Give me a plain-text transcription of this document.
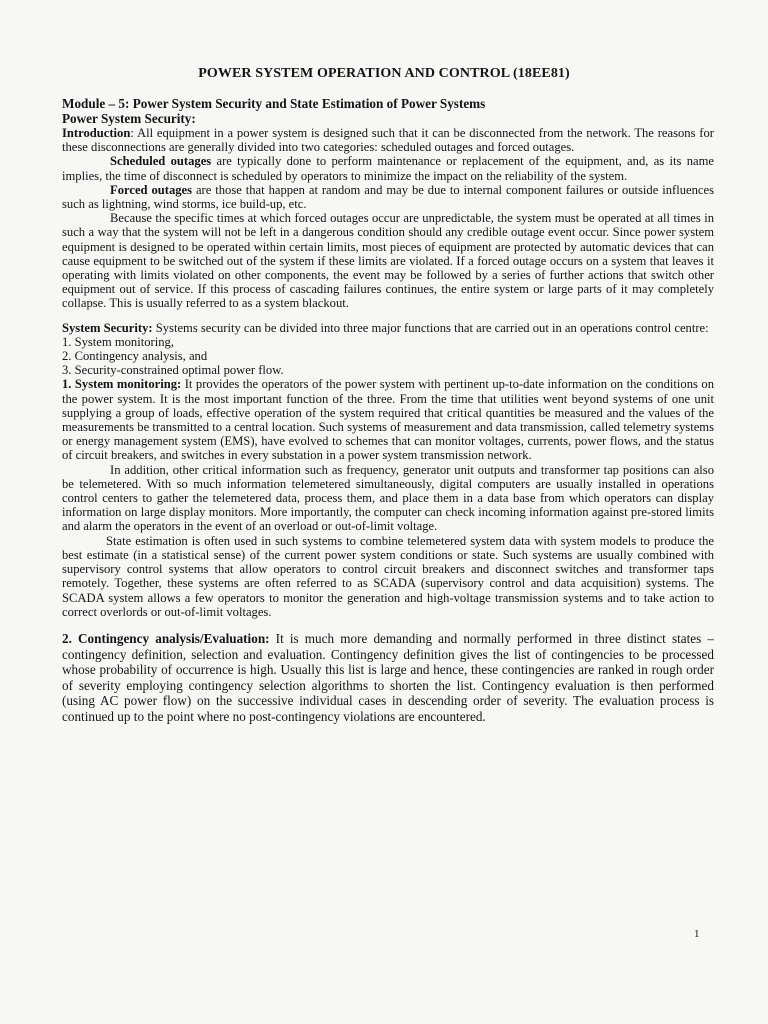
POWER SYSTEM OPERATION AND CONTROL (18EE81)

Module – 5: Power System Security and State Estimation of Power Systems

Power System Security:

Introduction: All equipment in a power system is designed such that it can be disconnected from the network. The reasons for these disconnections are generally divided into two categories: scheduled outages and forced outages.

Scheduled outages are typically done to perform maintenance or replacement of the equipment, and, as its name implies, the time of disconnect is scheduled by operators to minimize the impact on the reliability of the system.

Forced outages are those that happen at random and may be due to internal component failures or outside influences such as lightning, wind storms, ice build-up, etc.

Because the specific times at which forced outages occur are unpredictable, the system must be operated at all times in such a way that the system will not be left in a dangerous condition should any credible outage event occur. Since power system equipment is designed to be operated within certain limits, most pieces of equipment are protected by automatic devices that can cause equipment to be switched out of the system if these limits are violated. If a forced outage occurs on a system that leaves it operating with limits violated on other components, the event may be followed by a series of further actions that switch other equipment out of service. If this process of cascading failures continues, the entire system or large parts of it may completely collapse. This is usually referred to as a system blackout.

System Security: Systems security can be divided into three major functions that are carried out in an operations control centre:

1. System monitoring,
2. Contingency analysis, and
3. Security-constrained optimal power flow.

1. System monitoring: It provides the operators of the power system with pertinent up-to-date information on the conditions on the power system. It is the most important function of the three. From the time that utilities went beyond systems of one unit supplying a group of loads, effective operation of the system required that critical quantities be measured and the values of the measurements be transmitted to a central location. Such systems of measurement and data transmission, called telemetry systems or energy management system (EMS), have evolved to schemes that can monitor voltages, currents, power flows, and the status of circuit breakers, and switches in every substation in a power system transmission network.

In addition, other critical information such as frequency, generator unit outputs and transformer tap positions can also be telemetered. With so much information telemetered simultaneously, digital computers are usually installed in operations control centers to gather the telemetered data, process them, and place them in a data base from which operators can display information on large display monitors. More importantly, the computer can check incoming information against pre-stored limits and alarm the operators in the event of an overload or out-of-limit voltage.

State estimation is often used in such systems to combine telemetered system data with system models to produce the best estimate (in a statistical sense) of the current power system conditions or state. Such systems are usually combined with supervisory control systems that allow operators to control circuit breakers and disconnect switches and transformer taps remotely. Together, these systems are often referred to as SCADA (supervisory control and data acquisition) systems. The SCADA system allows a few operators to monitor the generation and high-voltage transmission systems and to take action to correct overlords or out-of-limit voltages.

2. Contingency analysis/Evaluation: It is much more demanding and normally performed in three distinct states – contingency definition, selection and evaluation. Contingency definition gives the list of contingencies to be processed whose probability of occurrence is high. Usually this list is large and hence, these contingencies are ranked in rough order of severity employing contingency selection algorithms to shorten the list. Contingency evaluation is then performed (using AC power flow) on the successive individual cases in descending order of severity. The evaluation process is continued up to the point where no post-contingency violations are encountered.

1
